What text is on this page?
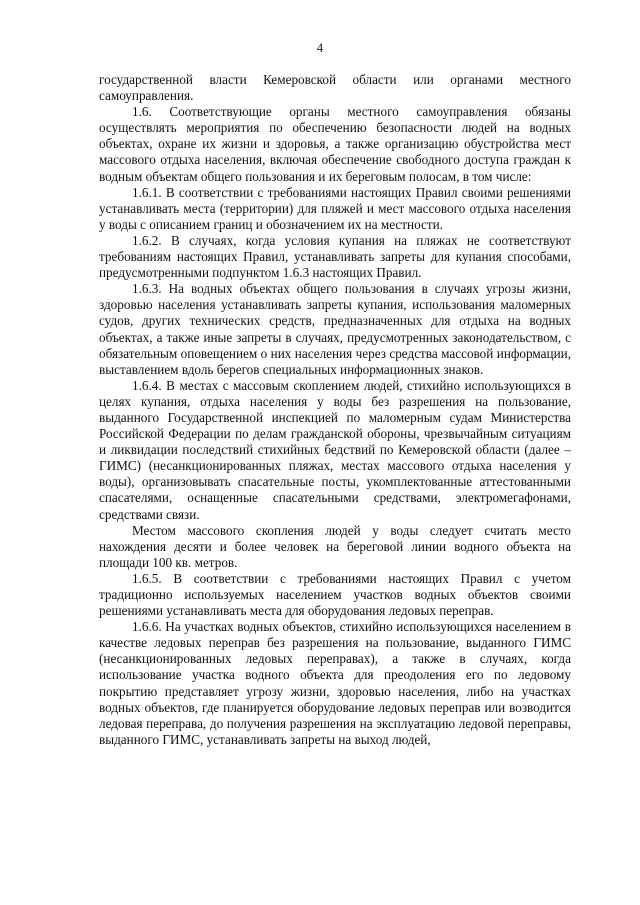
4

государственной власти Кемеровской области или органами местного самоуправления.

1.6. Соответствующие органы местного самоуправления обязаны осуществлять мероприятия по обеспечению безопасности людей на водных объектах, охране их жизни и здоровья, а также организацию обустройства мест массового отдыха населения, включая обеспечение свободного доступа граждан к водным объектам общего пользования и их береговым полосам, в том числе:

1.6.1. В соответствии с требованиями настоящих Правил своими решениями устанавливать места (территории) для пляжей и мест массового отдыха населения у воды с описанием границ и обозначением их на местности.

1.6.2. В случаях, когда условия купания на пляжах не соответствуют требованиям настоящих Правил, устанавливать запреты для купания способами, предусмотренными подпунктом 1.6.3 настоящих Правил.

1.6.3. На водных объектах общего пользования в случаях угрозы жизни, здоровью населения устанавливать запреты купания, использования маломерных судов, других технических средств, предназначенных для отдыха на водных объектах, а также иные запреты в случаях, предусмотренных законодательством, с обязательным оповещением о них населения через средства массовой информации, выставлением вдоль берегов специальных информационных знаков.

1.6.4. В местах с массовым скоплением людей, стихийно использующихся в целях купания, отдыха населения у воды без разрешения на пользование, выданного Государственной инспекцией по маломерным судам Министерства Российской Федерации по делам гражданской обороны, чрезвычайным ситуациям и ликвидации последствий стихийных бедствий по Кемеровской области (далее – ГИМС) (несанкционированных пляжах, местах массового отдыха населения у воды), организовывать спасательные посты, укомплектованные аттестованными спасателями, оснащенные спасательными средствами, электромегафонами, средствами связи.

Местом массового скопления людей у воды следует считать место нахождения десяти и более человек на береговой линии водного объекта на площади 100 кв. метров.

1.6.5. В соответствии с требованиями настоящих Правил с учетом традиционно используемых населением участков водных объектов своими решениями устанавливать места для оборудования ледовых переправ.

1.6.6. На участках водных объектов, стихийно использующихся населением в качестве ледовых переправ без разрешения на пользование, выданного ГИМС (несанкционированных ледовых переправах), а также в случаях, когда использование участка водного объекта для преодоления его по ледовому покрытию представляет угрозу жизни, здоровью населения, либо на участках водных объектов, где планируется оборудование ледовых переправ или возводится ледовая переправа, до получения разрешения на эксплуатацию ледовой переправы, выданного ГИМС, устанавливать запреты на выход людей,
